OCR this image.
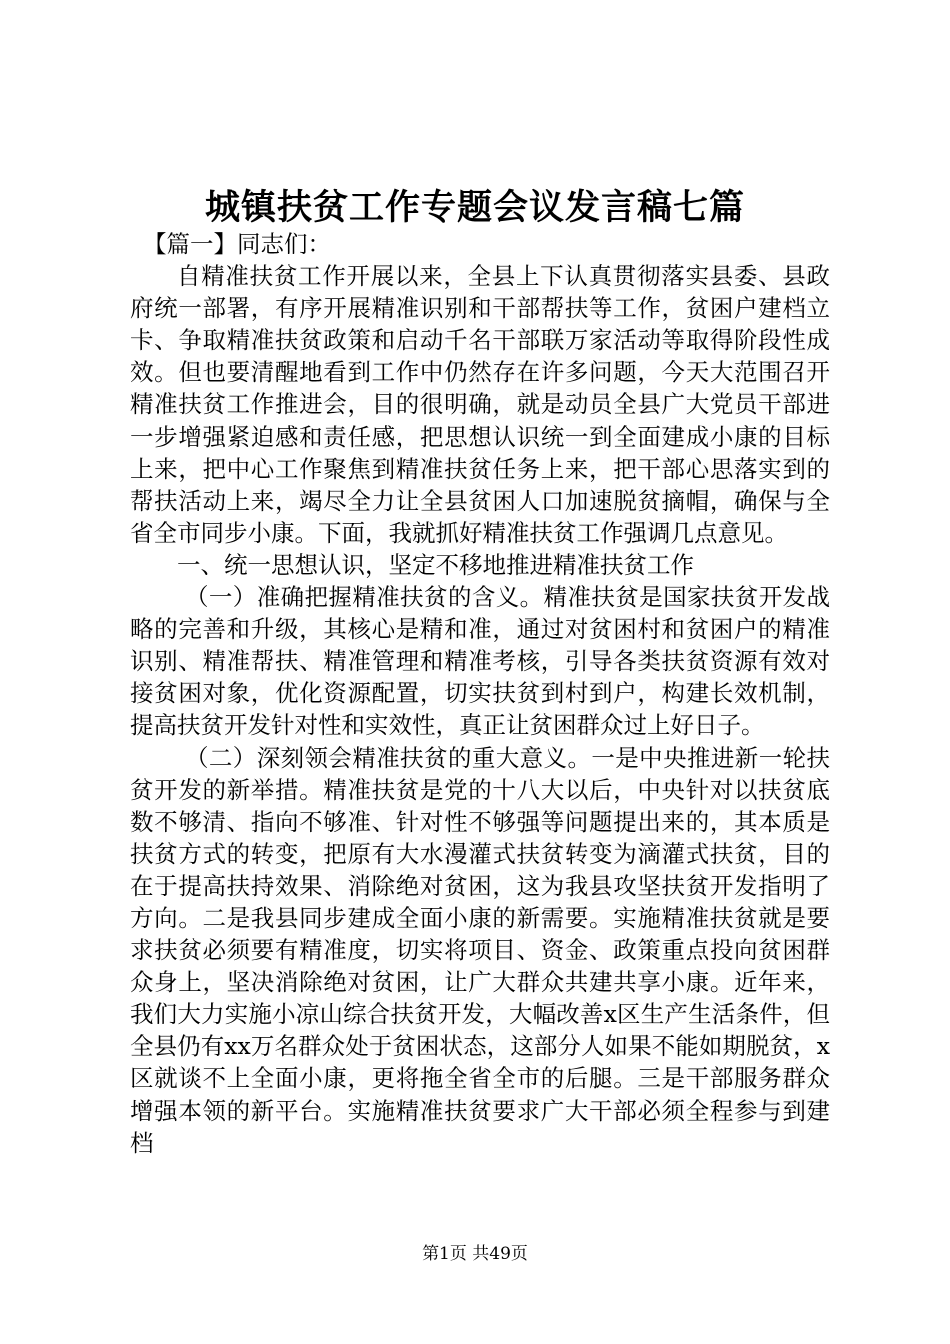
城镇扶贫工作专题会议发言稿七篇

【篇一】同志们：

自精准扶贫工作开展以来，全县上下认真贯彻落实县委、县政府统一部署，有序开展精准识别和干部帮扶等工作，贫困户建档立卡、争取精准扶贫政策和启动千名干部联万家活动等取得阶段性成效。但也要清醒地看到工作中仍然存在许多问题，今天大范围召开精准扶贫工作推进会，目的很明确，就是动员全县广大党员干部进一步增强紧迫感和责任感，把思想认识统一到全面建成小康的目标上来，把中心工作聚焦到精准扶贫任务上来，把干部心思落实到的帮扶活动上来，竭尽全力让全县贫困人口加速脱贫摘帽，确保与全省全市同步小康。下面，我就抓好精准扶贫工作强调几点意见。

一、统一思想认识，坚定不移地推进精准扶贫工作

（一）准确把握精准扶贫的含义。精准扶贫是国家扶贫开发战略的完善和升级，其核心是精和准，通过对贫困村和贫困户的精准识别、精准帮扶、精准管理和精准考核，引导各类扶贫资源有效对接贫困对象，优化资源配置，切实扶贫到村到户，构建长效机制，提高扶贫开发针对性和实效性，真正让贫困群众过上好日子。

（二）深刻领会精准扶贫的重大意义。一是中央推进新一轮扶贫开发的新举措。精准扶贫是党的十八大以后，中央针对以扶贫底数不够清、指向不够准、针对性不够强等问题提出来的，其本质是扶贫方式的转变，把原有大水漫灌式扶贫转变为滴灌式扶贫，目的在于提高扶持效果、消除绝对贫困，这为我县攻坚扶贫开发指明了方向。二是我县同步建成全面小康的新需要。实施精准扶贫就是要求扶贫必须要有精准度，切实将项目、资金、政策重点投向贫困群众身上，坚决消除绝对贫困，让广大群众共建共享小康。近年来，我们大力实施小凉山综合扶贫开发，大幅改善x区生产生活条件，但全县仍有xx万名群众处于贫困状态，这部分人如果不能如期脱贫，x区就谈不上全面小康，更将拖全省全市的后腿。三是干部服务群众增强本领的新平台。实施精准扶贫要求广大干部必须全程参与到建档

第1页 共49页
